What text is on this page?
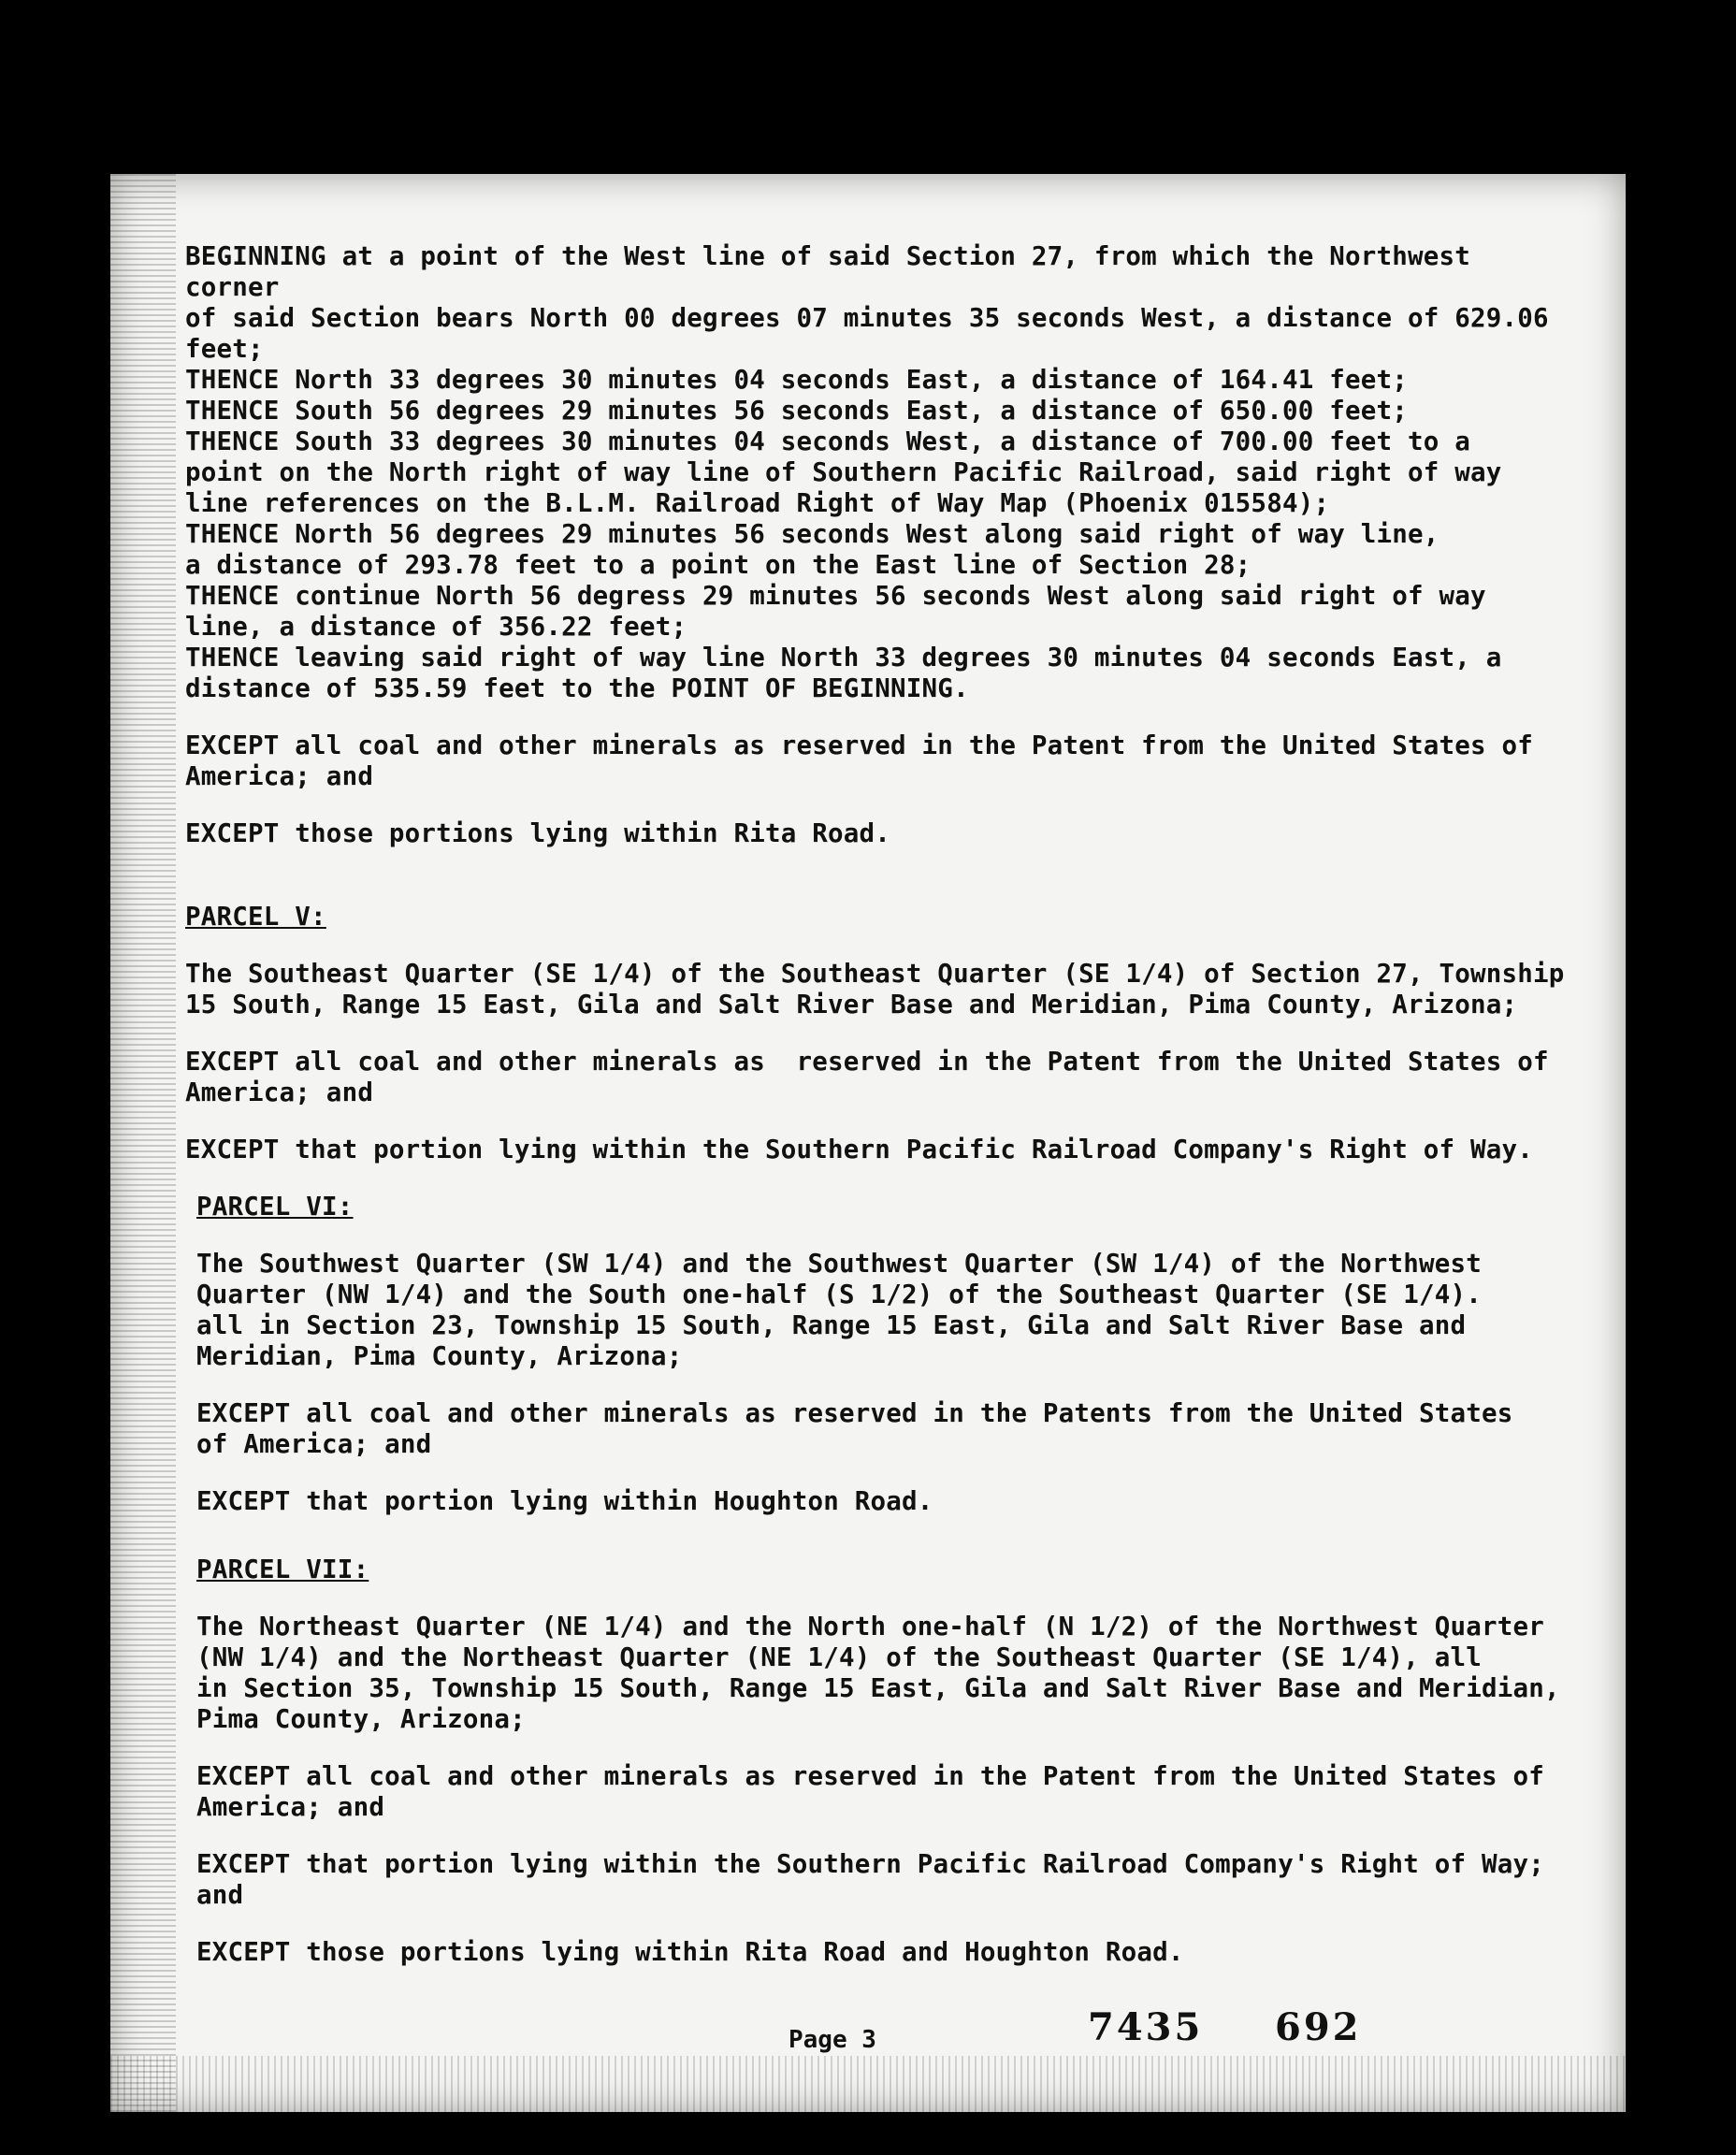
BEGINNING at a point of the West line of said Section 27, from which the Northwest corner

of said Section bears North 00 degrees 07 minutes 35 seconds West, a distance of 629.06

feet;

THENCE North 33 degrees 30 minutes 04 seconds East, a distance of 164.41 feet;

THENCE South 56 degrees 29 minutes 56 seconds East, a distance of 650.00 feet;

THENCE South 33 degrees 30 minutes 04 seconds West, a distance of 700.00 feet to a

point on the North right of way line of Southern Pacific Railroad, said right of way

line references on the B.L.M. Railroad Right of Way Map (Phoenix 015584);

THENCE North 56 degrees 29 minutes 56 seconds West along said right of way line,

a distance of 293.78 feet to a point on the East line of Section 28;

THENCE continue North 56 degress 29 minutes 56 seconds West along said right of way

line, a distance of 356.22 feet;

THENCE leaving said right of way line North 33 degrees 30 minutes 04 seconds East, a

distance of 535.59 feet to the POINT OF BEGINNING.

EXCEPT all coal and other minerals as reserved in the Patent from the United States of
America; and

EXCEPT those portions lying within Rita Road.

PARCEL V:

The Southeast Quarter (SE 1/4) of the Southeast Quarter (SE 1/4) of Section 27, Township
15 South, Range 15 East, Gila and Salt River Base and Meridian, Pima County, Arizona;

EXCEPT all coal and other minerals as  reserved in the Patent from the United States of
America; and

EXCEPT that portion lying within the Southern Pacific Railroad Company's Right of Way.

PARCEL VI:

The Southwest Quarter (SW 1/4) and the Southwest Quarter (SW 1/4) of the Northwest
Quarter (NW 1/4) and the South one-half (S 1/2) of the Southeast Quarter (SE 1/4).
all in Section 23, Township 15 South, Range 15 East, Gila and Salt River Base and
Meridian, Pima County, Arizona;

EXCEPT all coal and other minerals as reserved in the Patents from the United States
of America; and

EXCEPT that portion lying within Houghton Road.

PARCEL VII:

The Northeast Quarter (NE 1/4) and the North one-half (N 1/2) of the Northwest Quarter
(NW 1/4) and the Northeast Quarter (NE 1/4) of the Southeast Quarter (SE 1/4), all
in Section 35, Township 15 South, Range 15 East, Gila and Salt River Base and Meridian,
Pima County, Arizona;

EXCEPT all coal and other minerals as reserved in the Patent from the United States of
America; and

EXCEPT that portion lying within the Southern Pacific Railroad Company's Right of Way; and

EXCEPT those portions lying within Rita Road and Houghton Road.

Page 3	7435 692
